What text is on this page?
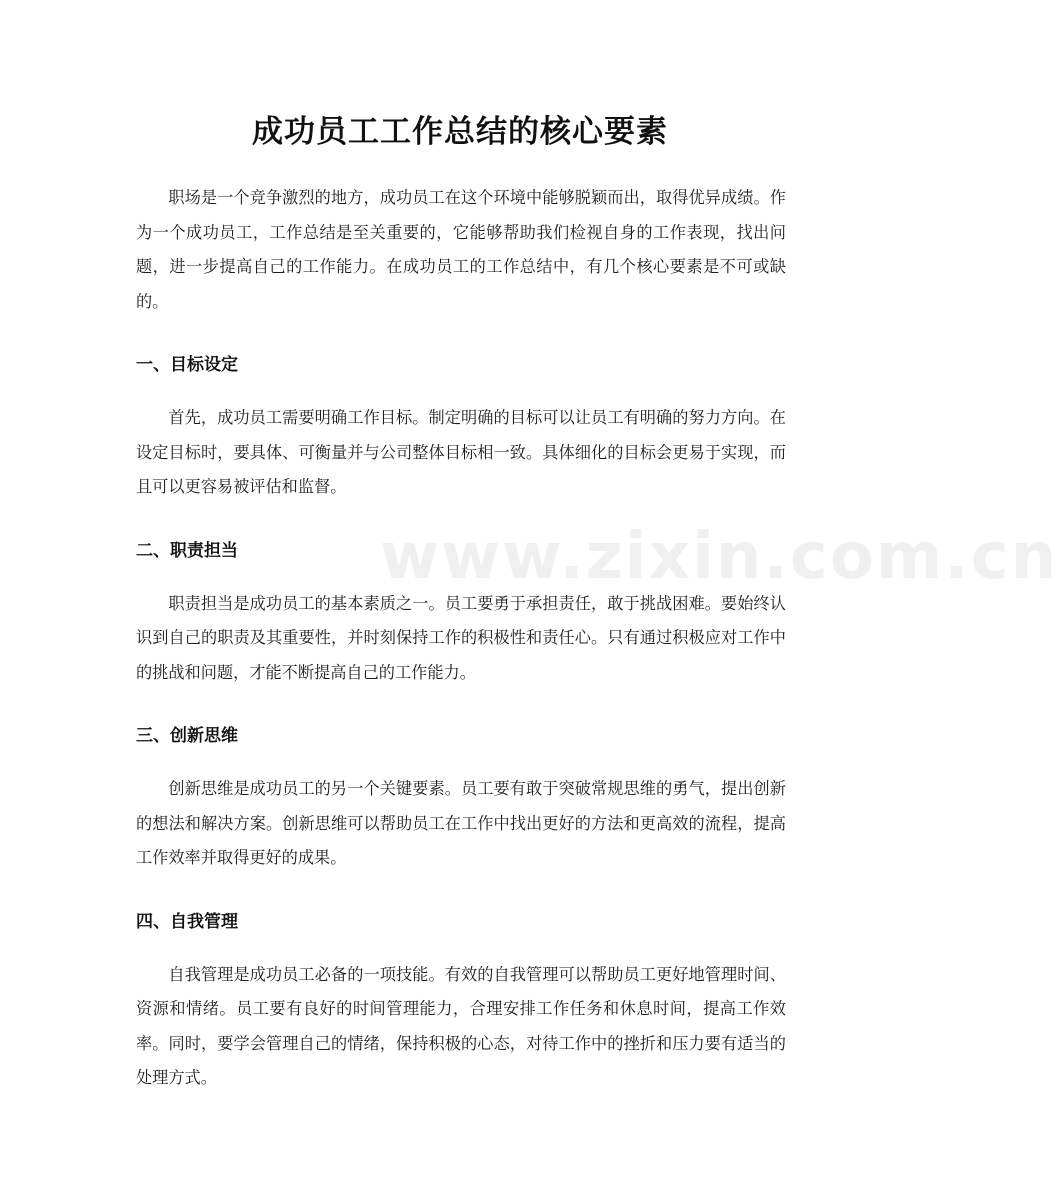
成功员工工作总结的核心要素
www.zixin.com.cn

职场是一个竞争激烈的地方，成功员工在这个环境中能够脱颖而出，取得优异成绩。作为一个成功员工，工作总结是至关重要的，它能够帮助我们检视自身的工作表现，找出问题，进一步提高自己的工作能力。在成功员工的工作总结中，有几个核心要素是不可或缺的。

一、目标设定

首先，成功员工需要明确工作目标。制定明确的目标可以让员工有明确的努力方向。在设定目标时，要具体、可衡量并与公司整体目标相一致。具体细化的目标会更易于实现，而且可以更容易被评估和监督。

二、职责担当

职责担当是成功员工的基本素质之一。员工要勇于承担责任，敢于挑战困难。要始终认识到自己的职责及其重要性，并时刻保持工作的积极性和责任心。只有通过积极应对工作中的挑战和问题，才能不断提高自己的工作能力。

三、创新思维

创新思维是成功员工的另一个关键要素。员工要有敢于突破常规思维的勇气，提出创新的想法和解决方案。创新思维可以帮助员工在工作中找出更好的方法和更高效的流程，提高工作效率并取得更好的成果。

四、自我管理

自我管理是成功员工必备的一项技能。有效的自我管理可以帮助员工更好地管理时间、资源和情绪。员工要有良好的时间管理能力，合理安排工作任务和休息时间，提高工作效率。同时，要学会管理自己的情绪，保持积极的心态，对待工作中的挫折和压力要有适当的处理方式。
